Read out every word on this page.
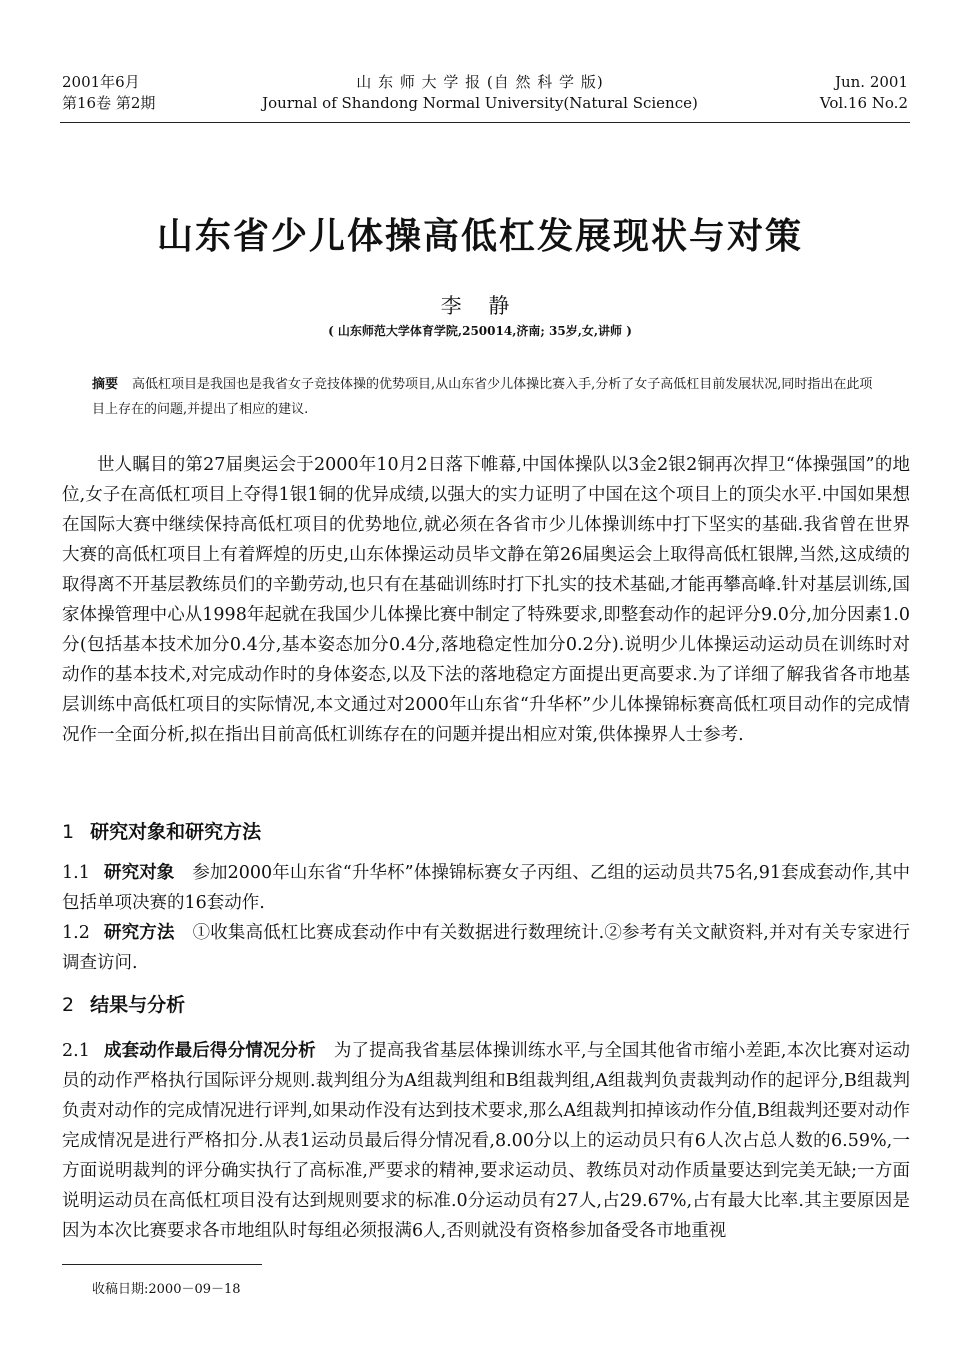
2001年6月
第16卷 第2期
山 东 师 大 学 报 (自 然 科 学 版)
Journal of Shandong Normal University(Natural Science)
Jun. 2001
Vol.16 No.2
山东省少儿体操高低杠发展现状与对策
李 静
( 山东师范大学体育学院,250014,济南; 35岁,女,讲师 )
摘要 高低杠项目是我国也是我省女子竞技体操的优势项目,从山东省少儿体操比赛入手,分析了女子高低杠目前发展状况,同时指出在此项目上存在的问题,并提出了相应的建议.
世人瞩目的第27届奥运会于2000年10月2日落下帷幕,中国体操队以3金2银2铜再次捍卫“体操强国”的地位,女子在高低杠项目上夺得1银1铜的优异成绩,以强大的实力证明了中国在这个项目上的顶尖水平.中国如果想在国际大赛中继续保持高低杠项目的优势地位,就必须在各省市少儿体操训练中打下坚实的基础.我省曾在世界大赛的高低杠项目上有着辉煌的历史,山东体操运动员毕文静在第26届奥运会上取得高低杠银牌,当然,这成绩的取得离不开基层教练员们的辛勤劳动,也只有在基础训练时打下扎实的技术基础,才能再攀高峰.针对基层训练,国家体操管理中心从1998年起就在我国少儿体操比赛中制定了特殊要求,即整套动作的起评分9.0分,加分因素1.0分(包括基本技术加分0.4分,基本姿态加分0.4分,落地稳定性加分0.2分).说明少儿体操运动运动员在训练时对动作的基本技术,对完成动作时的身体姿态,以及下法的落地稳定方面提出更高要求.为了详细了解我省各市地基层训练中高低杠项目的实际情况,本文通过对2000年山东省“升华杯”少儿体操锦标赛高低杠项目动作的完成情况作一全面分析,拟在指出目前高低杠训练存在的问题并提出相应对策,供体操界人士参考.
1 研究对象和研究方法
1.1 研究对象 参加2000年山东省“升华杯”体操锦标赛女子丙组、乙组的运动员共75名,91套成套动作,其中包括单项决赛的16套动作.
1.2 研究方法 ①收集高低杠比赛成套动作中有关数据进行数理统计.②参考有关文献资料,并对有关专家进行调查访问.
2 结果与分析
2.1 成套动作最后得分情况分析 为了提高我省基层体操训练水平,与全国其他省市缩小差距,本次比赛对运动员的动作严格执行国际评分规则.裁判组分为A组裁判组和B组裁判组,A组裁判负责裁判动作的起评分,B组裁判负责对动作的完成情况进行评判,如果动作没有达到技术要求,那么A组裁判扣掉该动作分值,B组裁判还要对动作完成情况是进行严格扣分.从表1运动员最后得分情况看,8.00分以上的运动员只有6人次占总人数的6.59%,一方面说明裁判的评分确实执行了高标准,严要求的精神,要求运动员、教练员对动作质量要达到完美无缺;一方面说明运动员在高低杠项目没有达到规则要求的标准.0分运动员有27人,占29.67%,占有最大比率.其主要原因是因为本次比赛要求各市地组队时每组必须报满6人,否则就没有资格参加备受各市地重视
收稿日期:2000－09－18
